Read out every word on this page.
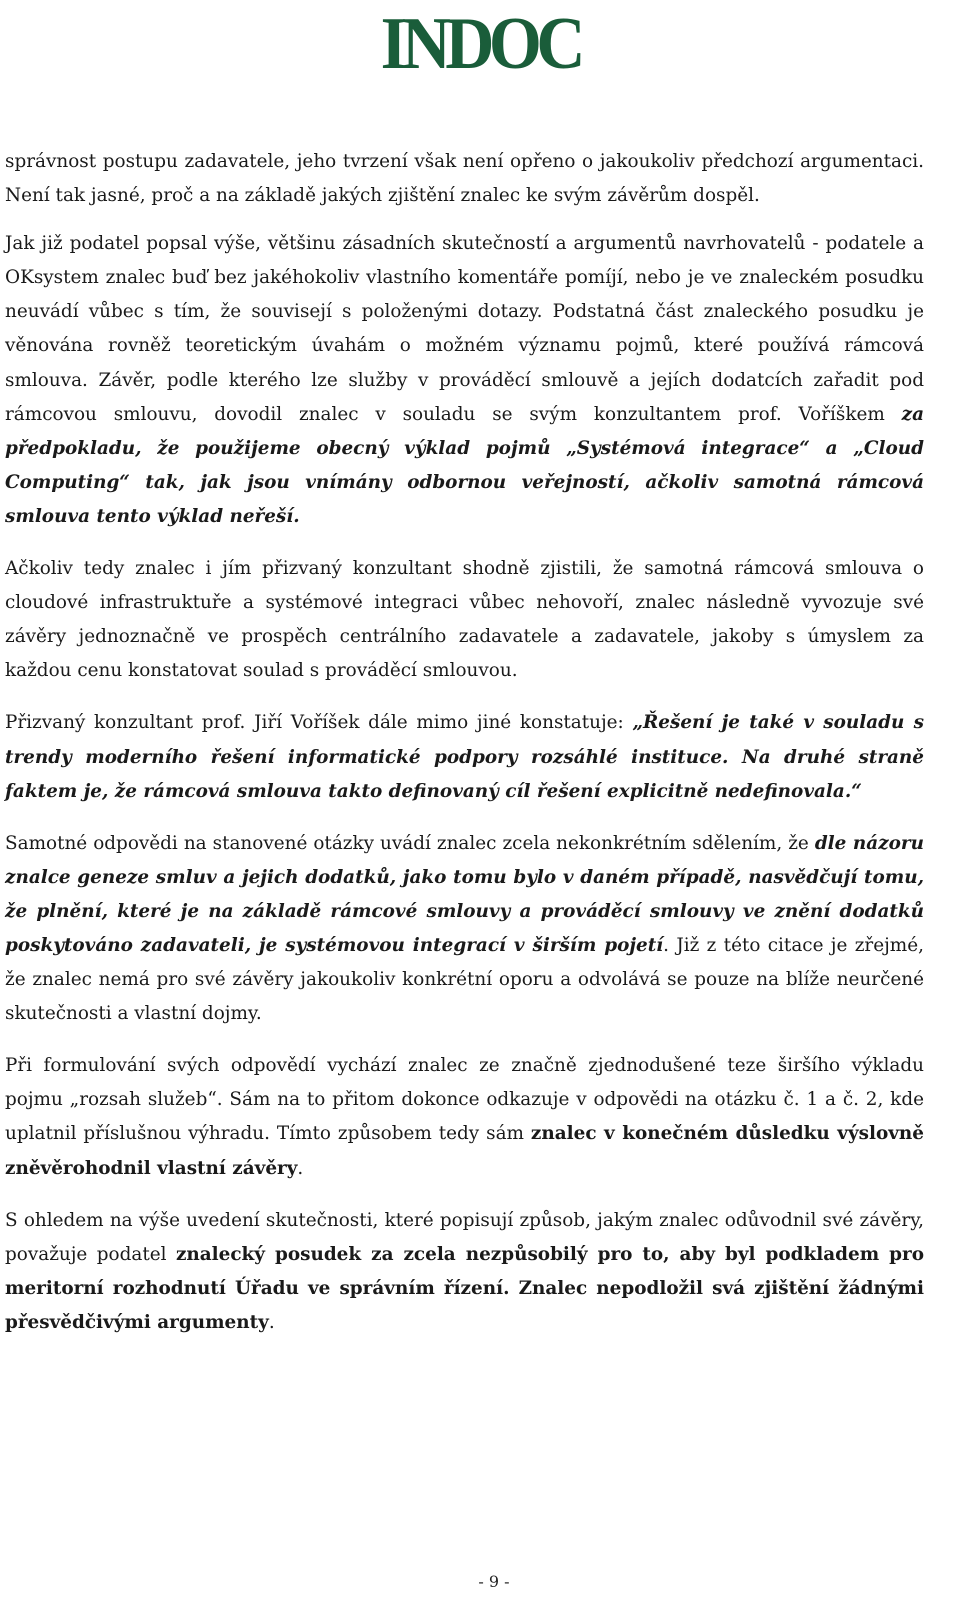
INDOC

správnost postupu zadavatele, jeho tvrzení však není opřeno o jakoukoliv předchozí argumentaci. Není tak jasné, proč a na základě jakých zjištění znalec ke svým závěrům dospěl.

Jak již podatel popsal výše, většinu zásadních skutečností a argumentů navrhovatelů - podatele a OKsystem znalec buď bez jakéhokoliv vlastního komentáře pomíjí, nebo je ve znaleckém posudku neuvádí vůbec s tím, že souvisejí s položenými dotazy. Podstatná část znaleckého posudku je věnována rovněž teoretickým úvahám o možném významu pojmů, které používá rámcová smlouva. Závěr, podle kterého lze služby v prováděcí smlouvě a jejích dodatcích zařadit pod rámcovou smlouvu, dovodil znalec v souladu se svým konzultantem prof. Voříškem za předpokladu, že použijeme obecný výklad pojmů „Systémová integrace“ a „Cloud Computing“ tak, jak jsou vnímány odbornou veřejností, ačkoliv samotná rámcová smlouva tento výklad neřeší.

Ačkoliv tedy znalec i jím přizvaný konzultant shodně zjistili, že samotná rámcová smlouva o cloudové infrastruktuře a systémové integraci vůbec nehovoří, znalec následně vyvozuje své závěry jednoznačně ve prospěch centrálního zadavatele a zadavatele, jakoby s úmyslem za každou cenu konstatovat soulad s prováděcí smlouvou.

Přizvaný konzultant prof. Jiří Voříšek dále mimo jiné konstatuje: „Řešení je také v souladu s trendy moderního řešení informatické podpory rozsáhlé instituce. Na druhé straně faktem je, že rámcová smlouva takto definovaný cíl řešení explicitně nedefinovala.“

Samotné odpovědi na stanovené otázky uvádí znalec zcela nekonkrétním sdělením, že dle názoru znalce geneze smluv a jejich dodatků, jako tomu bylo v daném případě, nasvědčují tomu, že plnění, které je na základě rámcové smlouvy a prováděcí smlouvy ve znění dodatků poskytováno zadavateli, je systémovou integrací v širším pojetí. Již z této citace je zřejmé, že znalec nemá pro své závěry jakoukoliv konkrétní oporu a odvolává se pouze na blíže neurčené skutečnosti a vlastní dojmy.

Při formulování svých odpovědí vychází znalec ze značně zjednodušené teze širšího výkladu pojmu „rozsah služeb“. Sám na to přitom dokonce odkazuje v odpovědi na otázku č. 1 a č. 2, kde uplatnil příslušnou výhradu. Tímto způsobem tedy sám znalec v konečném důsledku výslovně zněvěrohodnil vlastní závěry.

S ohledem na výše uvedení skutečnosti, které popisují způsob, jakým znalec odůvodnil své závěry, považuje podatel znalecký posudek za zcela nezpůsobilý pro to, aby byl podkladem pro meritorní rozhodnutí Úřadu ve správním řízení. Znalec nepodložil svá zjištění žádnými přesvědčivými argumenty.

- 9 -
